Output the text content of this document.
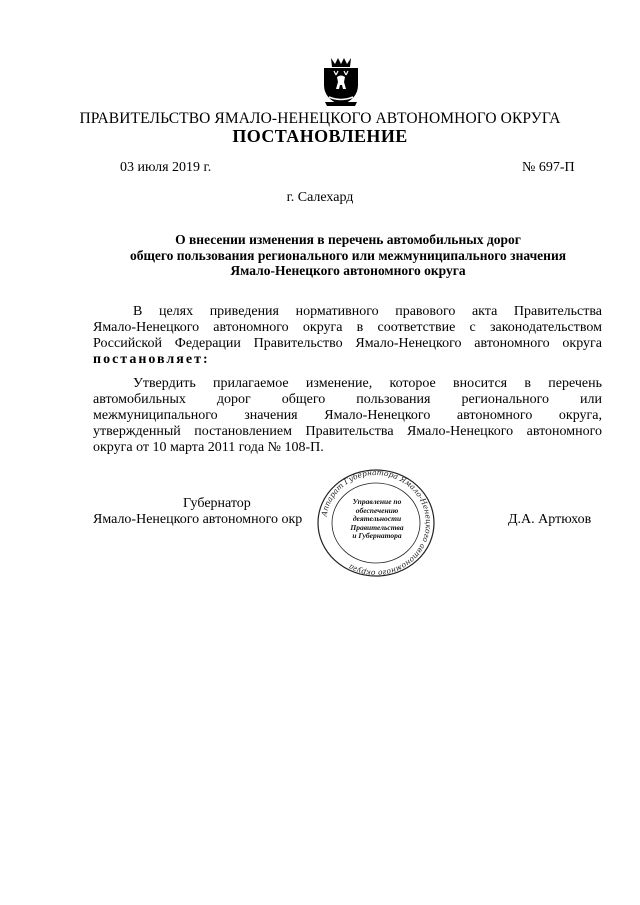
ПРАВИТЕЛЬСТВО ЯМАЛО-НЕНЕЦКОГО АВТОНОМНОГО ОКРУГА
ПОСТАНОВЛЕНИЕ
03 июля 2019 г.	№ 697-П
г. Салехард
О внесении изменения в перечень автомобильных дорог
общего пользования регионального или межмуниципального значения
Ямало-Ненецкого автономного округа
В целях приведения нормативного правового акта Правительства
Ямало-Ненецкого автономного округа в соответствие с законодательством
Российской Федерации Правительство Ямало-Ненецкого автономного округа
постановляет:
Утвердить прилагаемое изменение, которое вносится в перечень
автомобильных дорог общего пользования регионального или
межмуниципального значения Ямало-Ненецкого автономного округа,
утвержденный постановлением Правительства Ямало-Ненецкого автономного
округа от 10 марта 2011 года № 108-П.
Губернатор
Ямало-Ненецкого автономного окр	Д.А. Артюхов
Аппарат Губернатора Ямало-Ненецкого автономного округа
Управление по
обеспечению
деятельности
Правительства
и Губернатора
